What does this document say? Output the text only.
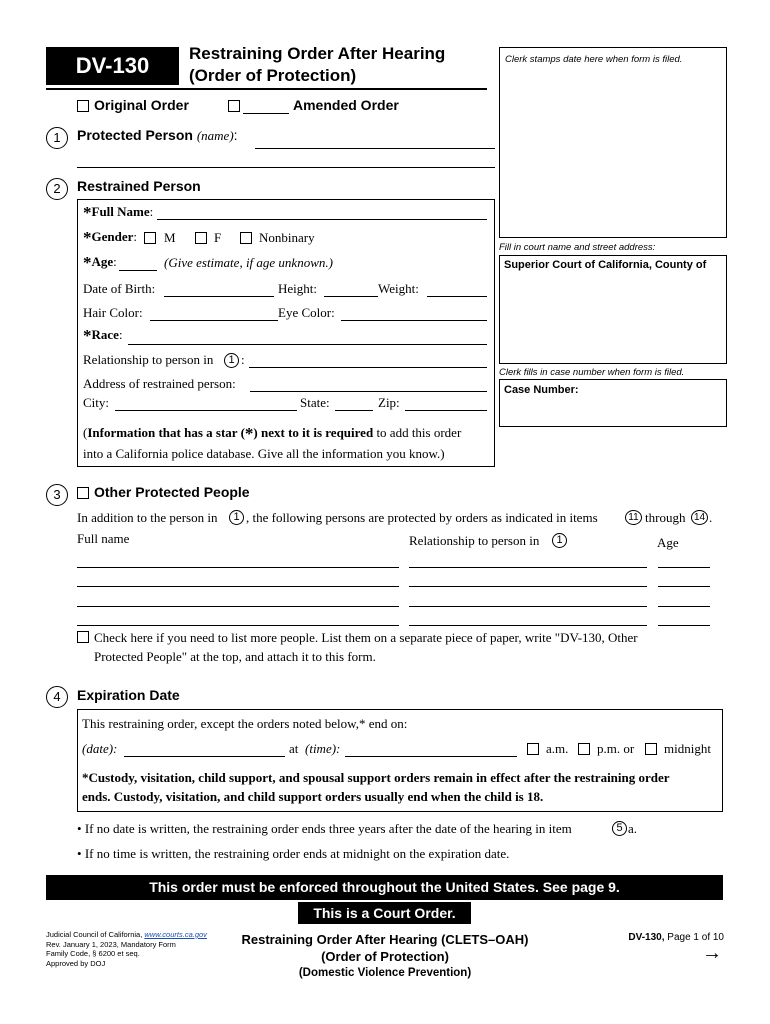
DV-130	Restraining Order After Hearing
(Order of Protection)
Original Order	Amended Order
Clerk stamps date here when form is filed.
Fill in court name and street address:
Superior Court of California, County of
Clerk fills in case number when form is filed.
Case Number:
1	Protected Person (name):
2	Restrained Person
*Full Name:
*Gender: M	F	Nonbinary
*Age:	(Give estimate, if age unknown.)
Date of Birth:	Height:	Weight:
Hair Color:	Eye Color:
*Race:
Relationship to person in	1 :
Address of restrained person:
City:	State:	Zip:
(Information that has a star (*) next to it is required to add this order
into a California police database. Give all the information you know.)
3	Other Protected People
In addition to the person in	1 , the following persons are protected by orders as indicated in items	11 through 14 .
Full name	Relationship to person in	1	Age
Check here if you need to list more people. List them on a separate piece of paper, write "DV-130, Other
Protected People" at the top, and attach it to this form.
4	Expiration Date
This restraining order, except the orders noted below,* end on:
(date):	at (time):	a.m. p.m. or midnight
*Custody, visitation, child support, and spousal support orders remain in effect after the restraining order
ends. Custody, visitation, and child support orders usually end when the child is 18.
• If no date is written, the restraining order ends three years after the date of the hearing in item	5 a.
• If no time is written, the restraining order ends at midnight on the expiration date.
This order must be enforced throughout the United States. See page 9.
This is a Court Order.
Judicial Council of California, www.courts.ca.gov
Rev. January 1, 2023, Mandatory Form
Family Code, § 6200 et seq.
Approved by DOJ
Restraining Order After Hearing (CLETS–OAH)
(Order of Protection)
(Domestic Violence Prevention)
DV-130, Page 1 of 10
→
